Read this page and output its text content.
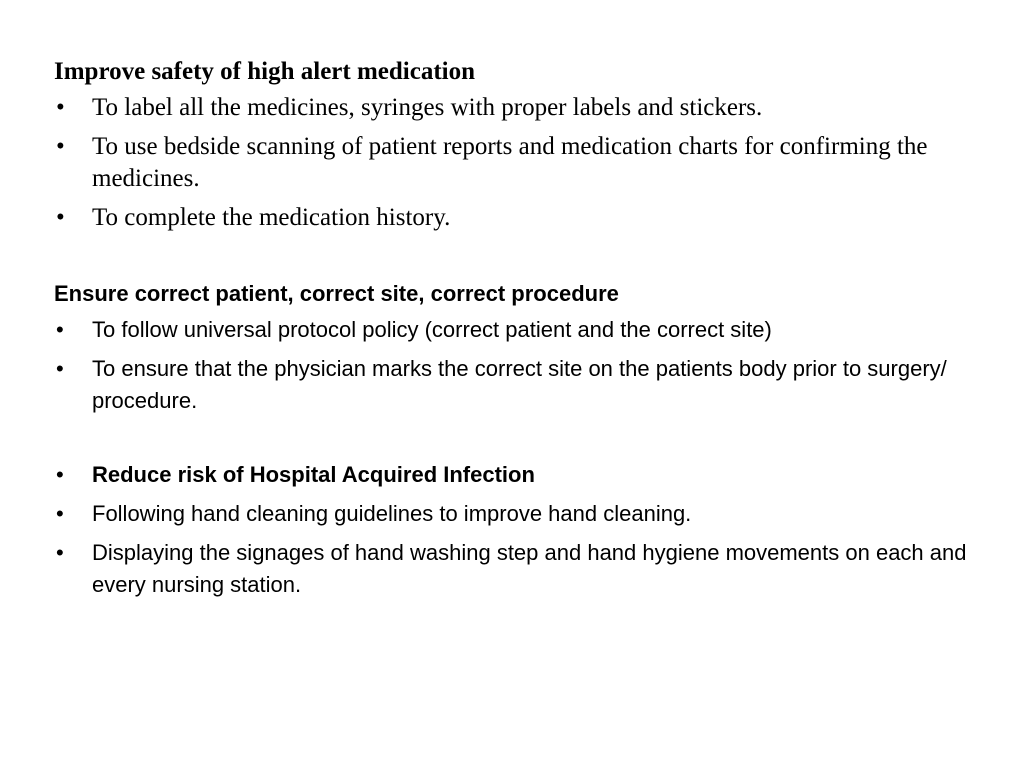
Improve safety of high alert medication
• To label all the medicines, syringes with proper labels and stickers.
• To use bedside scanning of patient reports and medication charts for confirming the medicines.
• To complete the medication history.
Ensure correct patient, correct site, correct procedure
• To follow universal protocol policy (correct patient and the correct site)
• To ensure that the physician marks the correct site on the patients body prior to surgery/ procedure.
• Reduce risk of Hospital Acquired Infection
• Following hand cleaning guidelines to improve hand cleaning.
• Displaying the signages of hand washing step and hand hygiene movements on each and every nursing station.
